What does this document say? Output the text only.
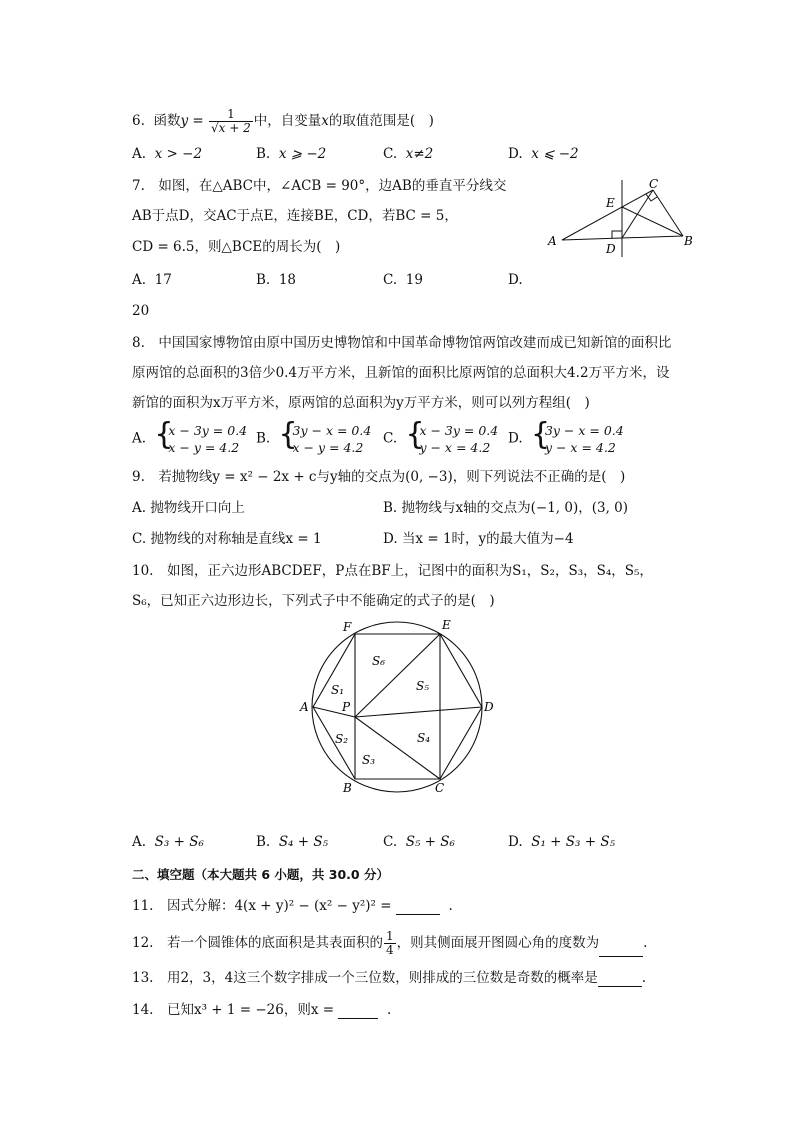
6. 函数$y = \frac{1}{√x + 2}$ 中，自变量x的取值范围是(　)
A. x > −2	B. x ⩾ −2	C. x≠2	D. x ⩽ −2
7.　如图，在△ABC中，∠ACB = 90°，边AB的垂直平分线交
AB于点D，交AC于点E，连接BE，CD，若BC = 5，
CD = 6.5，则△BCE的周长为(　)
A. 17	B. 18	C. 19	D.
20
A	B
C
D
E
8.　中国国家博物馆由原中国历史博物馆和中国革命博物馆两馆改建而成已知新馆的面积比
原两馆的总面积的3倍少0.4万平方米，且新馆的面积比原两馆的总面积大4.2万平方米，设
新馆的面积为x万平方米，原两馆的总面积为y万平方米，则可以列方程组(　)
A. {
x − 3y = 0.4
x − y = 4.2
B. {
3y − x = 0.4
x − y = 4.2
C. {
x − 3y = 0.4
y − x = 4.2
D. {
3y − x = 0.4
y − x = 4.2
9.　若抛物线y = x² − 2x + c与y轴的交点为(0, −3)，则下列说法不正确的是(　)
A. 抛物线开口向上	B. 抛物线与x轴的交点为(−1, 0)，(3, 0)
C. 抛物线的对称轴是直线x = 1	D. 当x = 1时，y的最大值为−4
10.　如图，正六边形ABCDEF，P点在BF上，记图中的面积为S₁，S₂，S₃，S₄，S₅，
S₆，已知正六边形边长，下列式子中不能确定的式子的是(　)
F	E
A	D
B	C
P
S₁
S₂
S₃
S₄
S₅
S₆
A. S₃ + S₆	B. S₄ + S₅	C. S₅ + S₆	D. S₁ + S₃ + S₅
二、填空题（本大题共 6 小题，共 30.0 分）
11.　因式分解：4(x + y)² − (x² − y²)² =	.
12.　若一个圆锥体的底面积是其表面积的 $\frac{1}{4}$ ，则其侧面展开图圆心角的度数为	.
13.　用2，3，4这三个数字排成一个三位数，则排成的三位数是奇数的概率是	.
14.　已知x³ + 1 = −26，则x =	.
